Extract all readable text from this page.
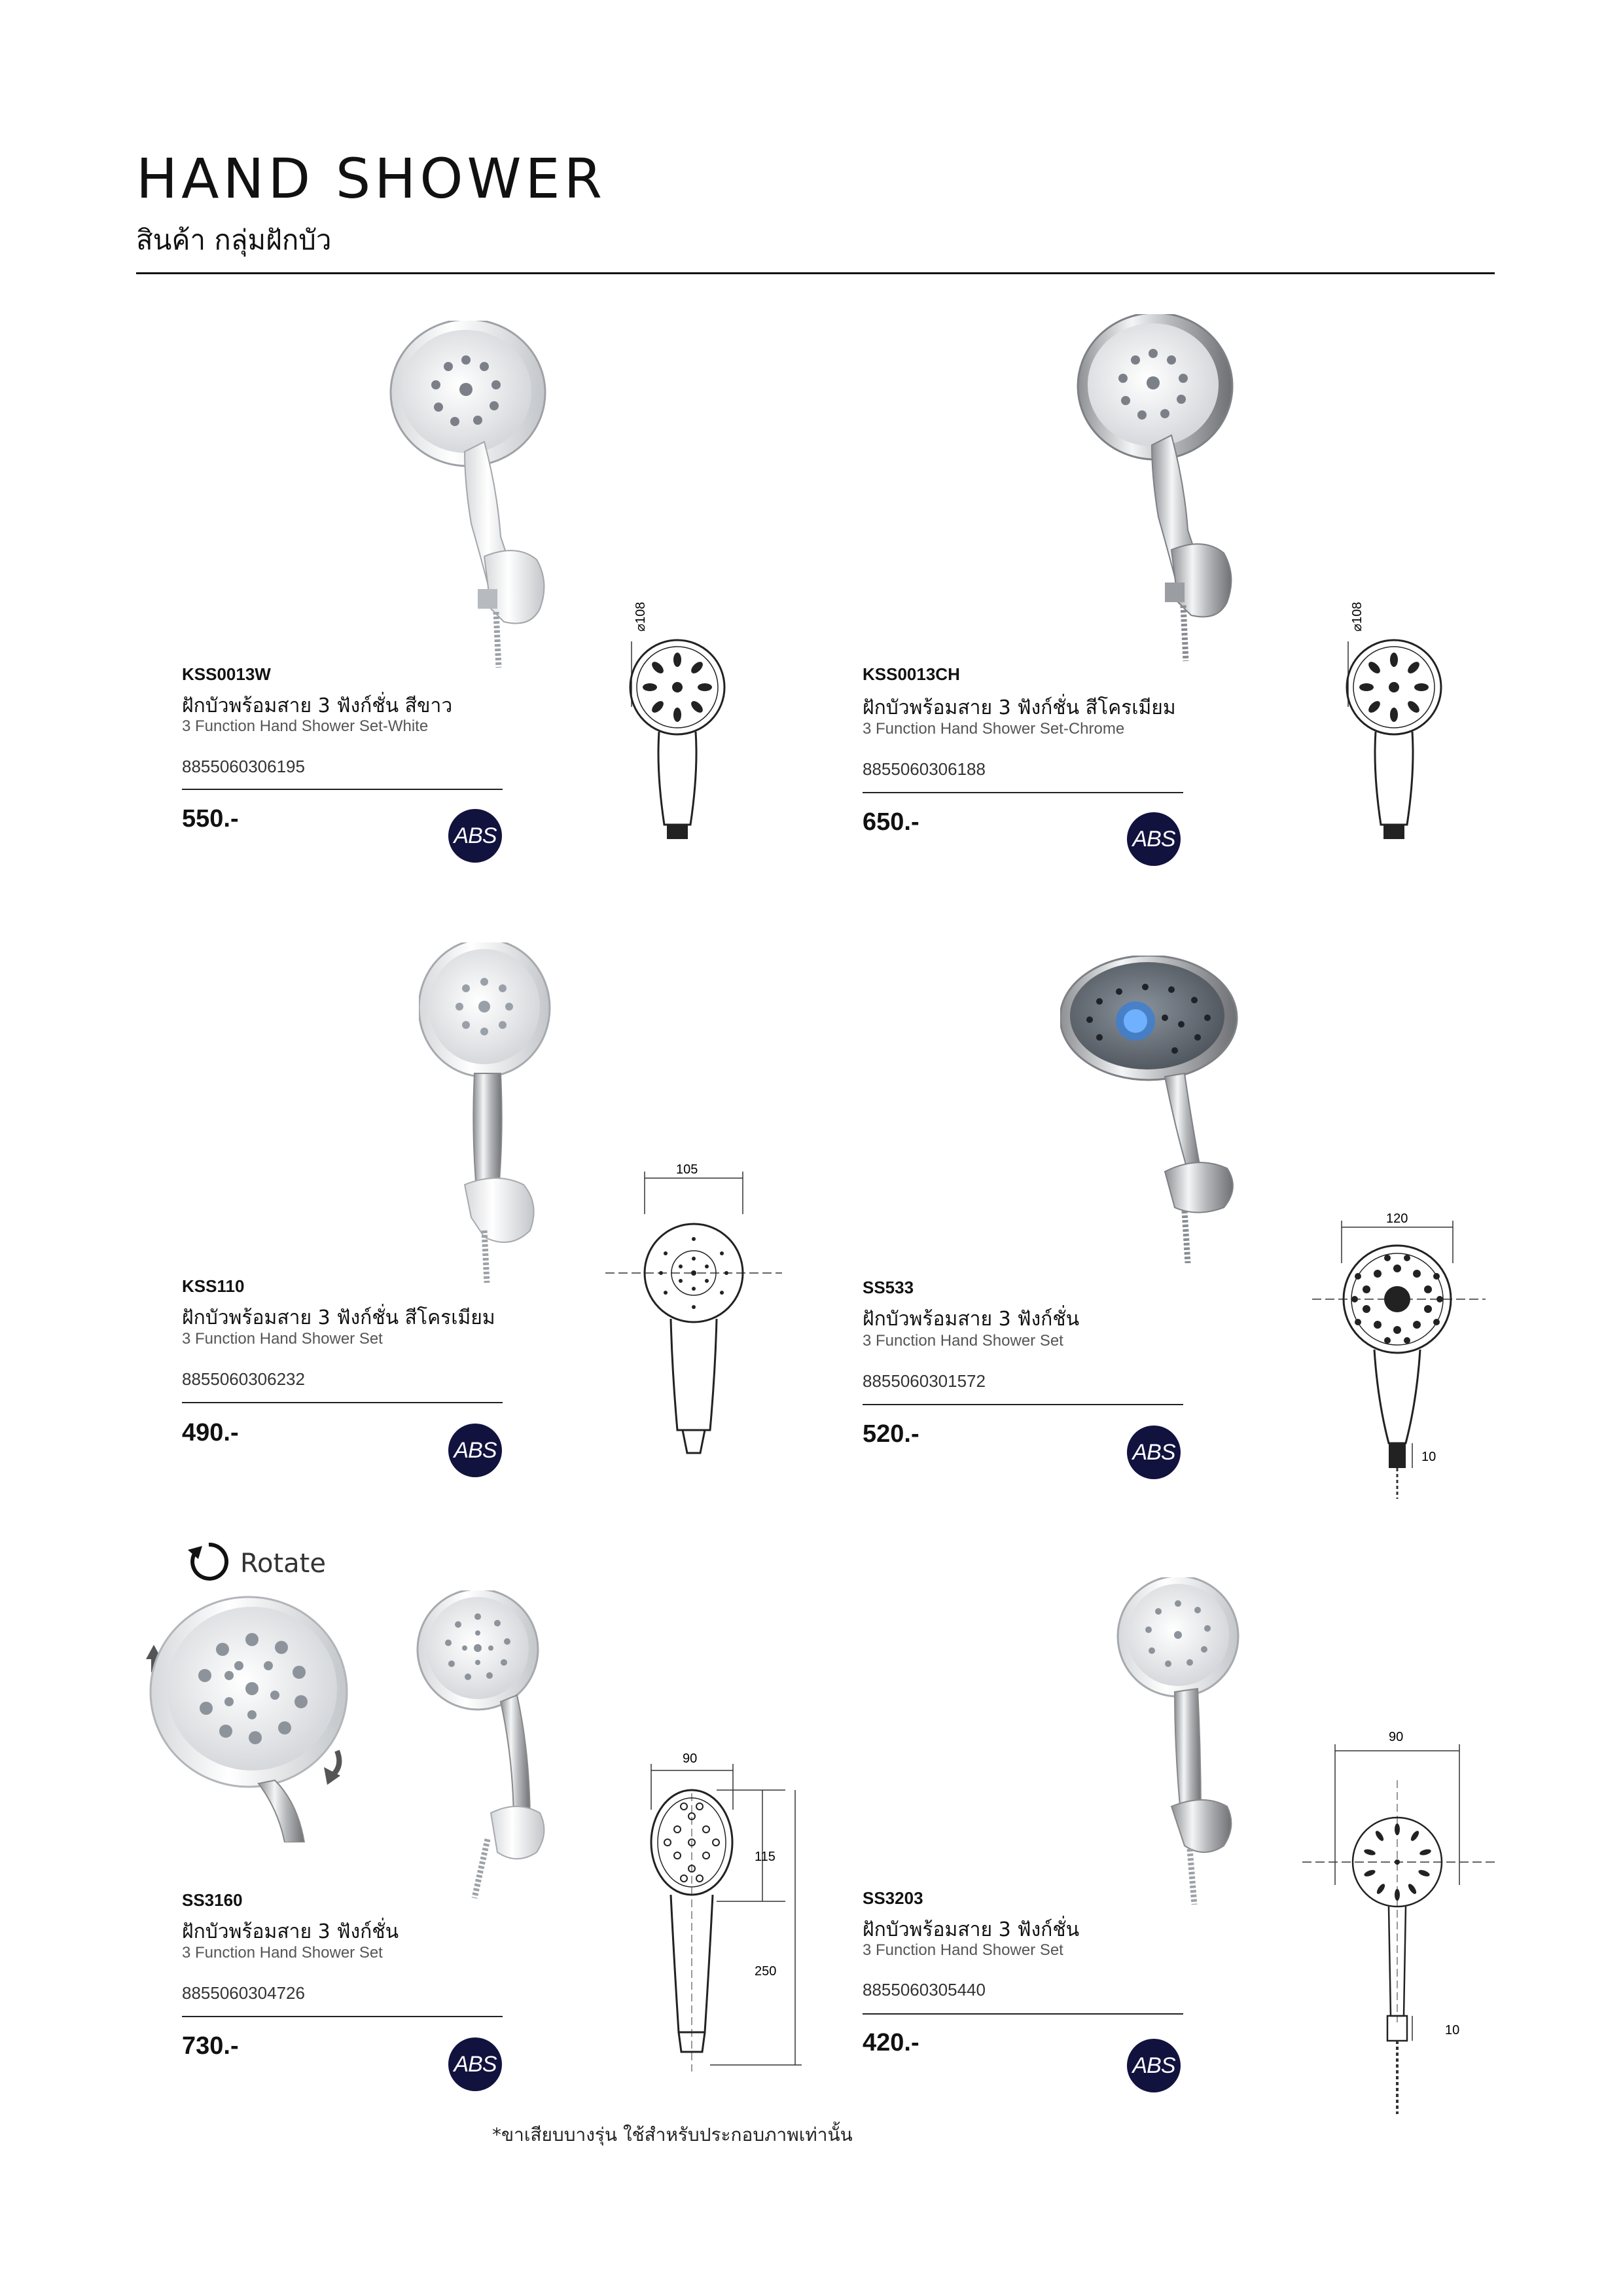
HAND SHOWER
สินค้า กลุ่มฝักบัว
⌀108
KSS0013W
ฝักบัวพร้อมสาย 3 ฟังก์ชั่น สีขาว
3 Function Hand Shower Set-White
8855060306195
550.-
ABS
⌀108
KSS0013CH
ฝักบัวพร้อมสาย 3 ฟังก์ชั่น สีโครเมียม
3 Function Hand Shower Set-Chrome
8855060306188
650.-
ABS
105
KSS110
ฝักบัวพร้อมสาย 3 ฟังก์ชั่น สีโครเมียม
3 Function Hand Shower Set
8855060306232
490.-
ABS
120
10
SS533
ฝักบัวพร้อมสาย 3 ฟังก์ชั่น
3 Function Hand Shower Set
8855060301572
520.-
ABS
Rotate
90
115
250
SS3160
ฝักบัวพร้อมสาย 3 ฟังก์ชั่น
3 Function Hand Shower Set
8855060304726
730.-
ABS
90
10
SS3203
ฝักบัวพร้อมสาย 3 ฟังก์ชั่น
3 Function Hand Shower Set
8855060305440
420.-
ABS
*ขาเสียบบางรุ่น ใช้สำหรับประกอบภาพเท่านั้น
